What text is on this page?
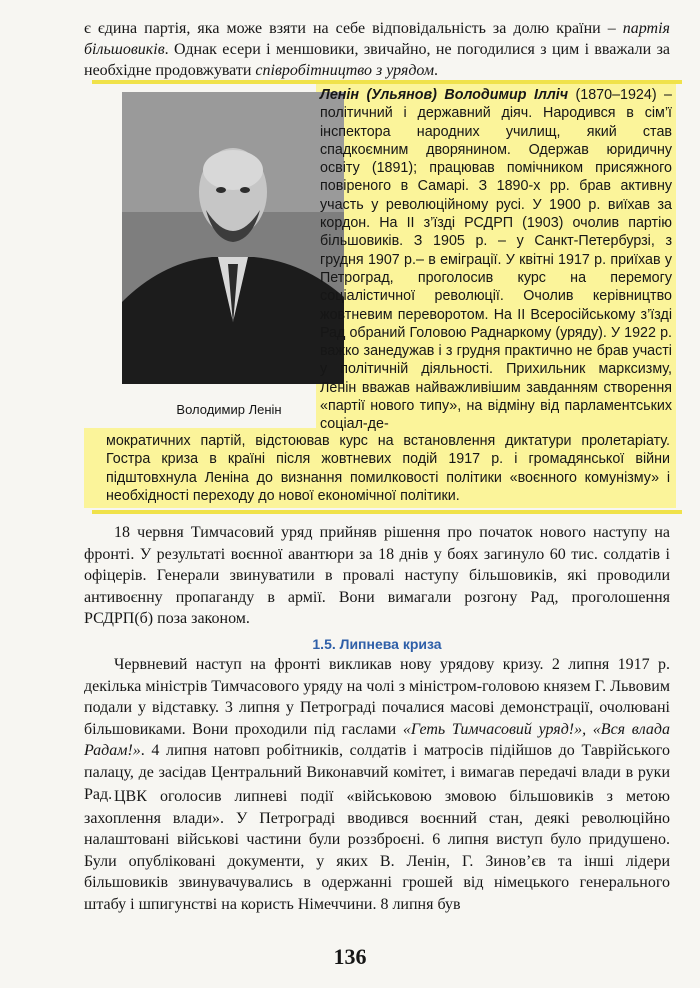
є єдина партія, яка може взяти на себе відповідальність за долю країни – партія більшовиків. Однак есери і меншовики, звичайно, не погодилися з цим і вважали за необхідне продовжувати співробітництво з урядом.

Володимир Ленін

Ленін (Ульянов) Володимир Ілліч (1870–1924) – політичний і державний діяч. Народився в сім’ї інспектора народних училищ, який став спадкоємним дворянином. Одержав юридичну освіту (1891); працював помічником присяжного повіреного в Самарі. З 1890-х рр. брав активну участь у революційному русі. У 1900 р. виїхав за кордон. На II з’їзді РСДРП (1903) очолив партію більшовиків. З 1905 р. – у Санкт-Петербурзі, з грудня 1907 р.– в еміграції. У квітні 1917 р. приїхав у Петроград, проголосив курс на перемогу соціалістичної революції. Очолив керівництво жовтневим переворотом. На II Всеросійському з’їзді Рад обраний Головою Раднаркому (уряду). У 1922 р. важко занедужав і з грудня практично не брав участі у політичній діяльності. Прихильник марксизму, Ленін вважав найважливішим завданням створення «партії нового типу», на відміну від парламентських соціал-де-

мократичних партій, відстоював курс на встановлення диктатури пролетаріату. Гостра криза в країні після жовтневих подій 1917 р. і громадянської війни підштовхнула Леніна до визнання помилковості політики «воєнного комунізму» і необхідності переходу до нової економічної політики.

18 червня Тимчасовий уряд прийняв рішення про початок нового наступу на фронті. У результаті воєнної авантюри за 18 днів у боях загинуло 60 тис. солдатів і офіцерів. Генерали звинуватили в провалі наступу більшовиків, які проводили антивоєнну пропаганду в армії. Вони вимагали розгону Рад, проголошення РСДРП(б) поза законом.

1.5. Липнева криза

Червневий наступ на фронті викликав нову урядову кризу. 2 липня 1917 р. декілька міністрів Тимчасового уряду на чолі з міністром-головою князем Г. Львовим подали у відставку. 3 липня у Петрограді почалися масові демонстрації, очолювані більшовиками. Вони проходили під гаслами «Геть Тимчасовий уряд!», «Вся влада Радам!». 4 липня натовп робітників, солдатів і матросів підійшов до Таврійського палацу, де засідав Центральний Виконавчий комітет, і вимагав передачі влади в руки Рад. ЦВК оголосив липневі події «військовою змовою більшовиків з метою захоплення влади». У Петрограді вводився воєнний стан, деякі революційно налаштовані військові частини були роззброєні. 6 липня виступ було придушено. Були опубліковані документи, у яких В. Ленін, Г. Зинов’єв та інші лідери більшовиків звинувачувались в одержанні грошей від німецького генерального штабу і шпигунстві на користь Німеччини. 8 липня був

136
